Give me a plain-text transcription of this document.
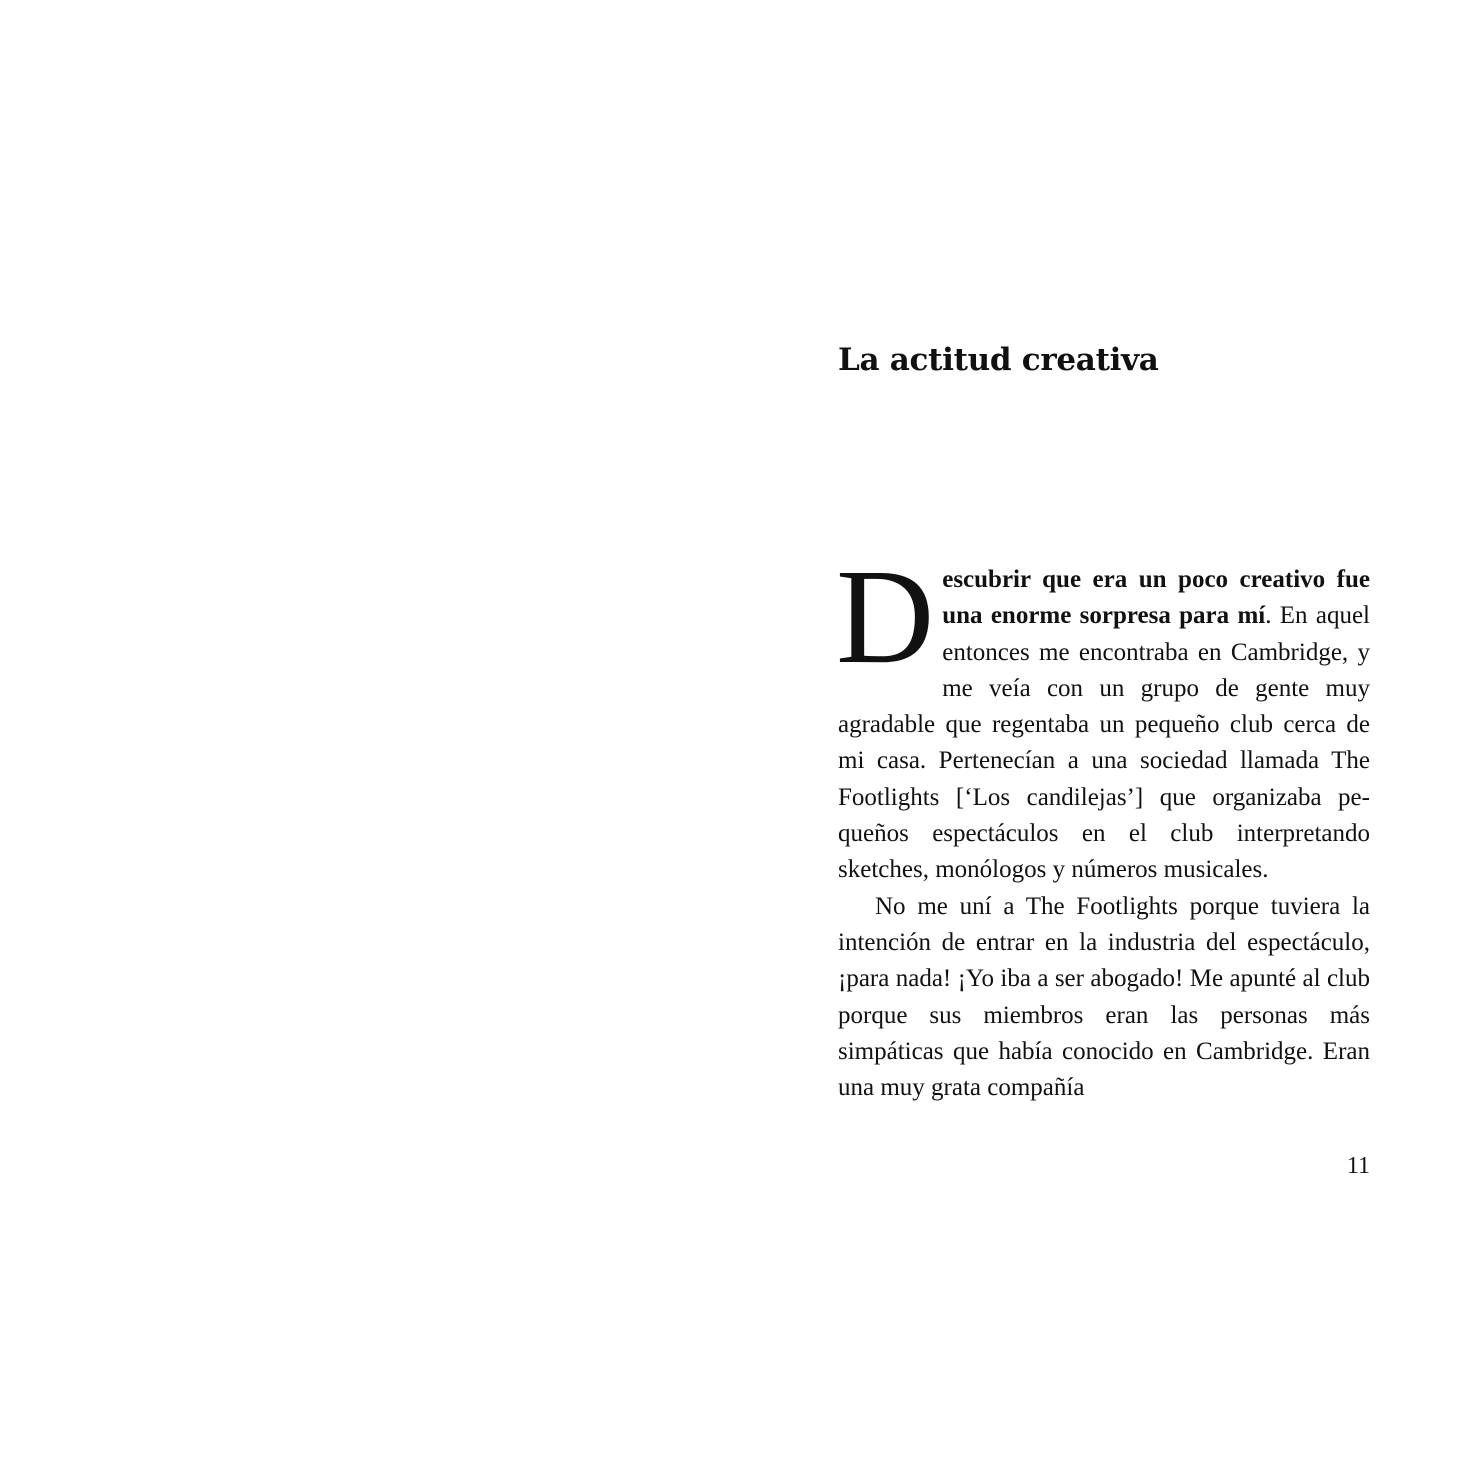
La actitud creativa

Descubrir que era un poco creativo fue una enorme sorpresa para mí. En aquel entonces me encontraba en Cambridge, y me veía con un grupo de gente muy agradable que regentaba un pequeño club cerca de mi casa. Pertenecían a una sociedad llamada The Footlights [‘Los candilejas’] que organizaba pequeños espectáculos en el club interpretando sketches, monólogos y números musicales.

No me uní a The Footlights porque tuviera la intención de entrar en la industria del espectáculo, ¡para nada! ¡Yo iba a ser abogado! Me apunté al club porque sus miembros eran las personas más simpáticas que había conocido en Cambridge. Eran una muy grata compañía

11
